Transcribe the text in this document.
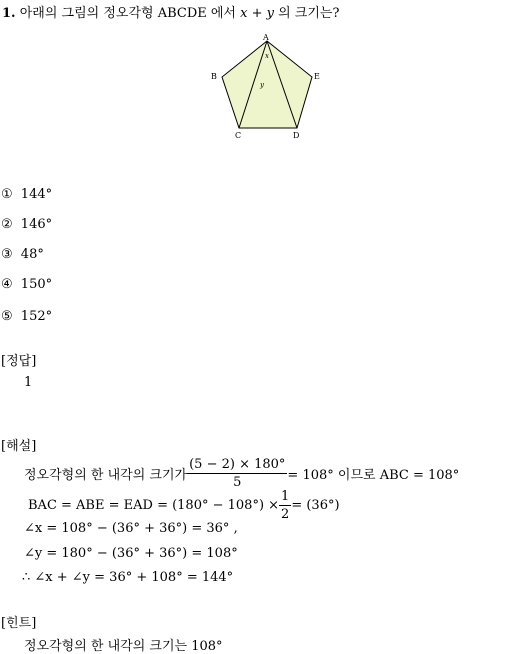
1. 아래의 그림의 정오각형 ABCDE 에서 x + y 의 크기는?
A
B
C	D
E
x
y
① 144°
② 146°
③ 48°
④ 150°
⑤ 152°
[정답]
1
[해설]
정오각형의 한 내각의 크기가 $\frac{(5 - 2) \times 180^\circ}{5} = 108^\circ$ 이므로 ABC = 108°
BAC = ABE = EAD = $(180^\circ - 108^\circ) \times \frac{1}{2} = (36^\circ)$
∠x = 108° − (36° + 36°) = 36° ,
∠y = 180° − (36° + 36°) = 108°
∴ ∠x + ∠y = 36° + 108° = 144°
[힌트]
정오각형의 한 내각의 크기는 108°
